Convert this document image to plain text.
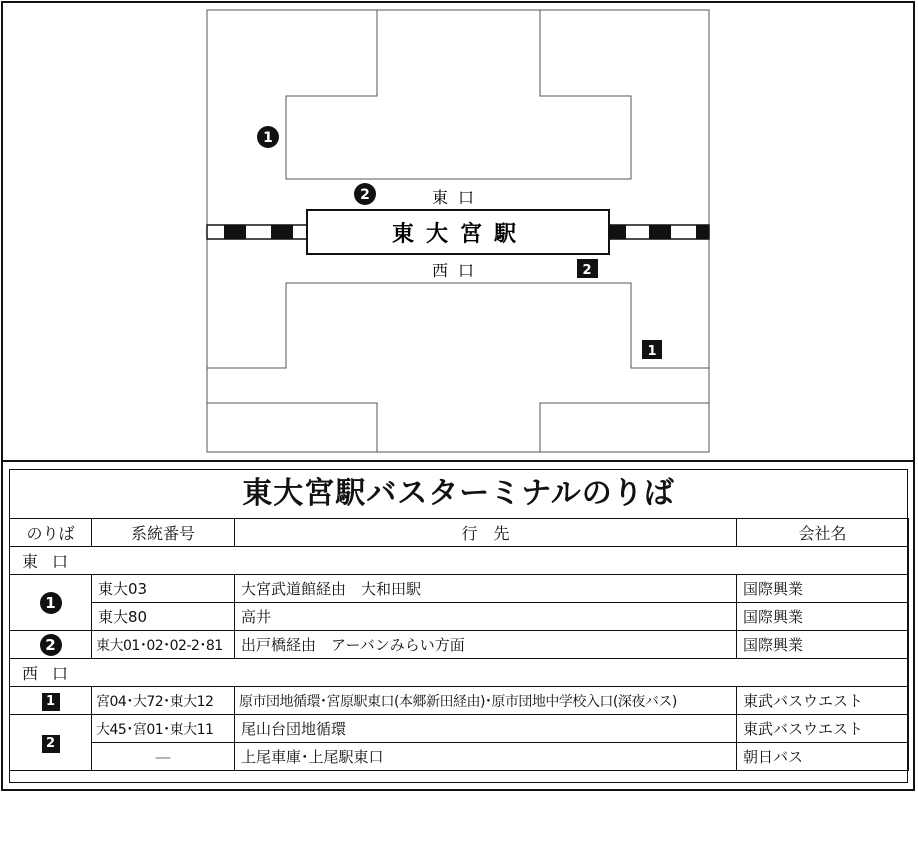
東大宮駅
東口
西口
1
2
1
2
東大宮駅バスターミナルのりば
のりば	系統番号	行　先	会社名
東口			
1	東大03	大宮武道館経由　大和田駅	国際興業
	東大80	高井	国際興業
2	東大01･02･02-2･81	出戸橋経由　アーバンみらい方面	国際興業
西口			
1	宮04･大72･東大12	原市団地循環･宮原駅東口(本郷新田経由)･原市団地中学校入口(深夜バス)	東武バスウエスト
2	大45･宮01･東大11	尾山台団地循環	東武バスウエスト
	―	上尾車庫･上尾駅東口	朝日バス
